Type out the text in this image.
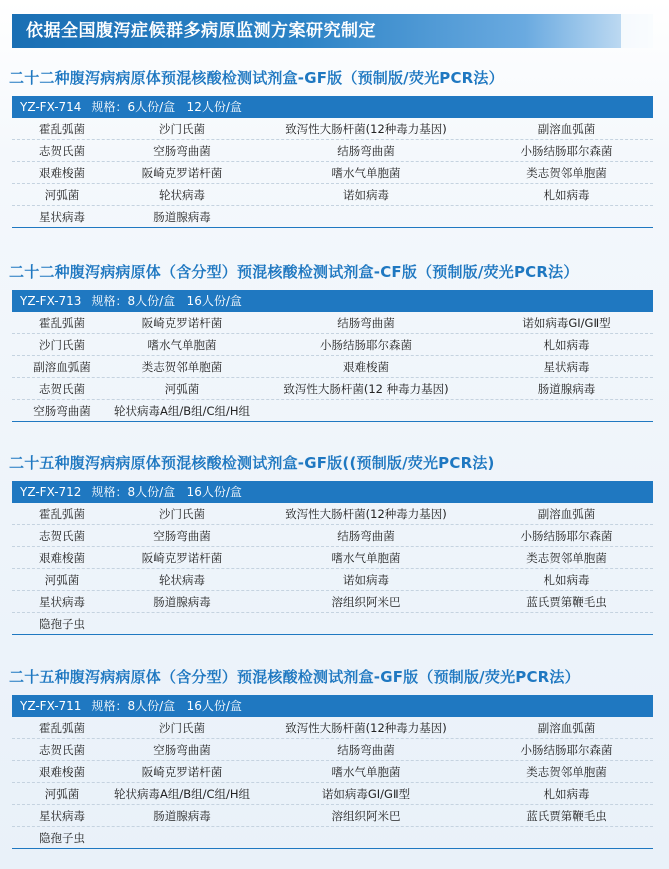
依据全国腹泻症候群多病原监测方案研究制定
二十二种腹泻病病原体预混核酸检测试剂盒-GF版（预制版/荧光PCR法）
YZ-FX-714 规格：6人份/盒   12人份/盒
霍乱弧菌	沙门氏菌	致泻性大肠杆菌(12种毒力基因)	副溶血弧菌
志贺氏菌	空肠弯曲菌	结肠弯曲菌	小肠结肠耶尔森菌
艰难梭菌	阪崎克罗诺杆菌	嗜水气单胞菌	类志贺邻单胞菌
河弧菌	轮状病毒	诺如病毒	札如病毒
星状病毒	肠道腺病毒
二十二种腹泻病病原体（含分型）预混核酸检测试剂盒-CF版（预制版/荧光PCR法）
YZ-FX-713 规格：8人份/盒   16人份/盒
霍乱弧菌	阪崎克罗诺杆菌	结肠弯曲菌	诺如病毒GⅠ/GⅡ型
沙门氏菌	嗜水气单胞菌	小肠结肠耶尔森菌	札如病毒
副溶血弧菌	类志贺邻单胞菌	艰难梭菌	星状病毒
志贺氏菌	河弧菌	致泻性大肠杆菌(12 种毒力基因)	肠道腺病毒
空肠弯曲菌	轮状病毒A组/B组/C组/H组
二十五种腹泻病病原体预混核酸检测试剂盒-GF版((预制版/荧光PCR法)
YZ-FX-712 规格：8人份/盒   16人份/盒
霍乱弧菌	沙门氏菌	致泻性大肠杆菌(12种毒力基因)	副溶血弧菌
志贺氏菌	空肠弯曲菌	结肠弯曲菌	小肠结肠耶尔森菌
艰难梭菌	阪崎克罗诺杆菌	嗜水气单胞菌	类志贺邻单胞菌
河弧菌	轮状病毒	诺如病毒	札如病毒
星状病毒	肠道腺病毒	溶组织阿米巴	蓝氏贾第鞭毛虫
隐孢子虫
二十五种腹泻病病原体（含分型）预混核酸检测试剂盒-GF版（预制版/荧光PCR法）
YZ-FX-711 规格：8人份/盒   16人份/盒
霍乱弧菌	沙门氏菌	致泻性大肠杆菌(12种毒力基因)	副溶血弧菌
志贺氏菌	空肠弯曲菌	结肠弯曲菌	小肠结肠耶尔森菌
艰难梭菌	阪崎克罗诺杆菌	嗜水气单胞菌	类志贺邻单胞菌
河弧菌	轮状病毒A组/B组/C组/H组	诺如病毒GⅠ/GⅡ型	札如病毒
星状病毒	肠道腺病毒	溶组织阿米巴	蓝氏贾第鞭毛虫
隐孢子虫
